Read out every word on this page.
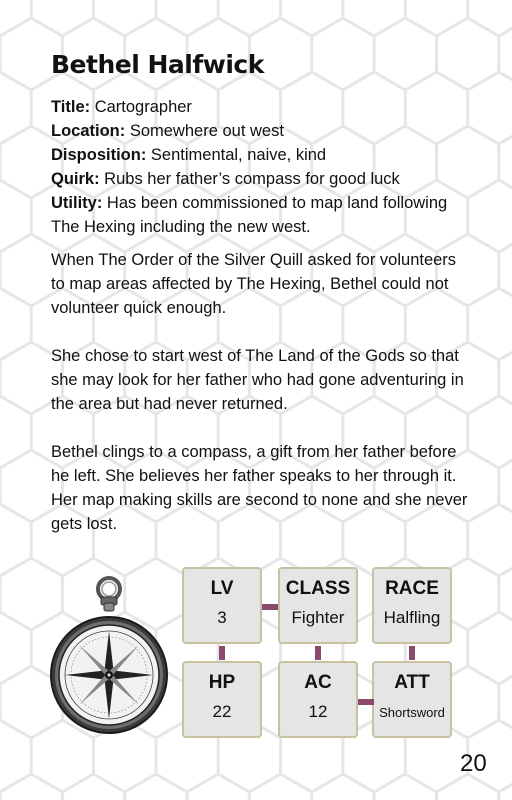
Bethel Halfwick

Title: Cartographer

Location: Somewhere out west

Disposition: Sentimental, naive, kind

Quirk: Rubs her father’s compass for good luck

Utility: Has been commissioned to map land following The Hexing including the new west.

When The Order of the Silver Quill asked for volunteers to map areas affected by The Hexing, Bethel could not volunteer quick enough.

She chose to start west of The Land of the Gods so that she may look for her father who had gone adventuring in the area but had never returned.

Bethel clings to a compass, a gift from her father before he left. She believes her father speaks to her through it. Her map making skills are second to none and she never gets lost.

LV
3
CLASS
Fighter
RACE
Halfling
HP
22
AC
12
ATT
Shortsword
20
